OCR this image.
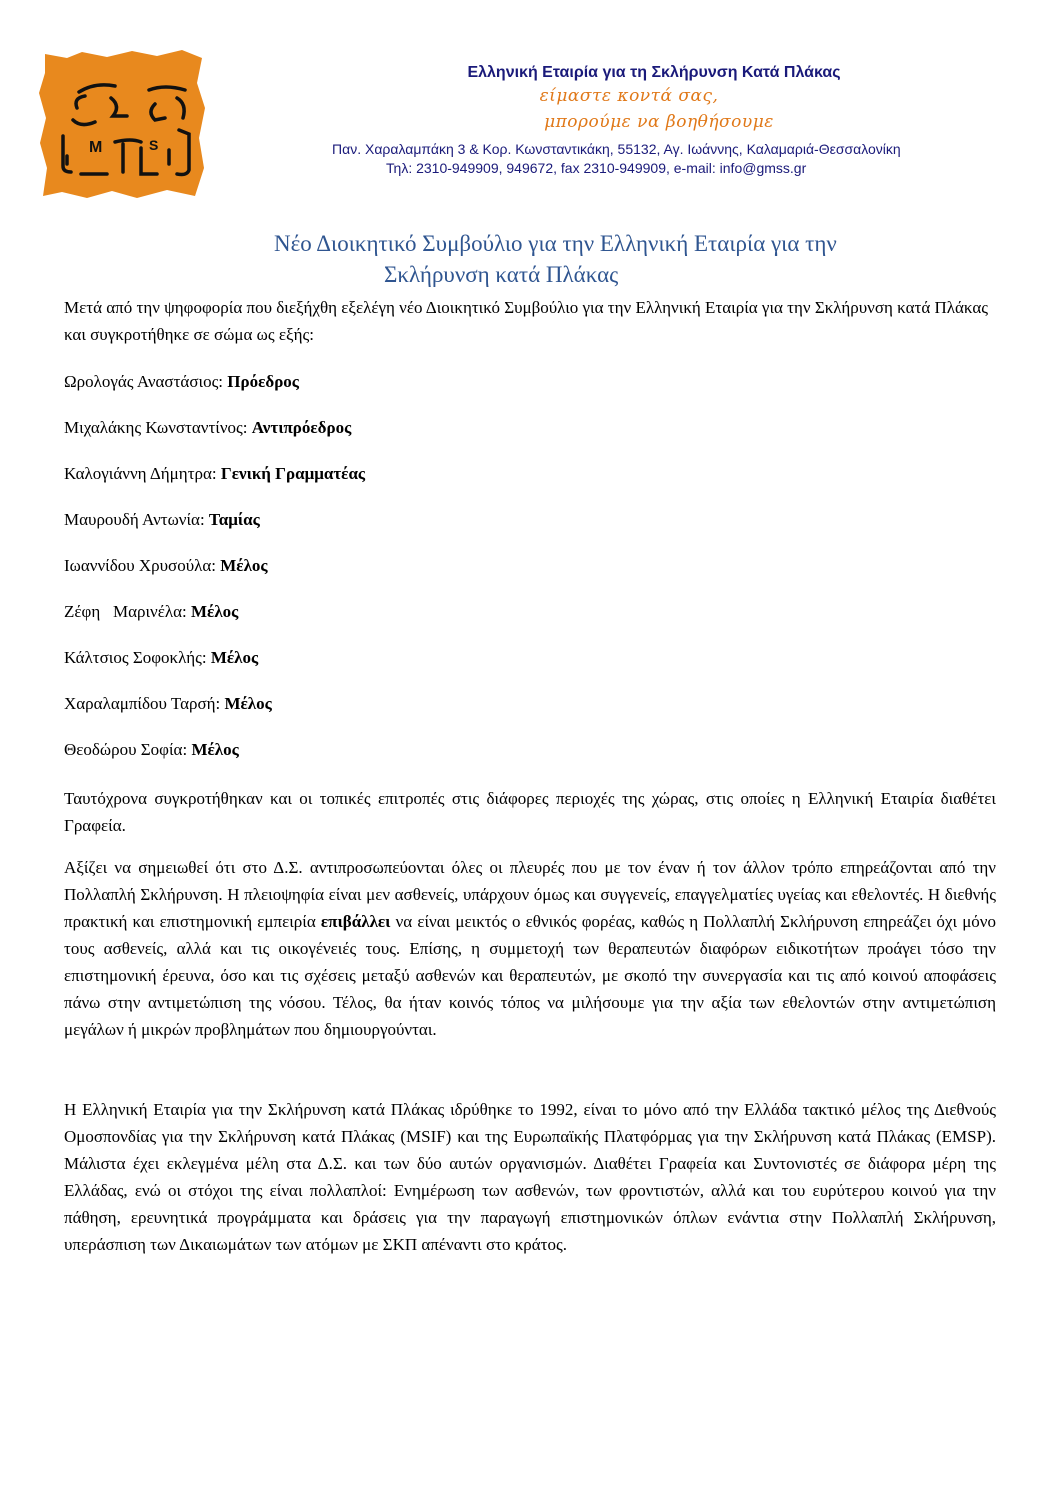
M	S
Ελληνική Εταιρία για τη Σκλήρυνση Κατά Πλάκας
είμαστε κοντά σας,
μπορούμε να βοηθήσουμε
Παν. Χαραλαμπάκη 3 & Κορ. Κωνσταντικάκη, 55132, Αγ. Ιωάννης, Καλαμαριά-Θεσσαλονίκη
Τηλ: 2310-949909, 949672, fax 2310-949909, e-mail: info@gmss.gr
Νέο Διοικητικό Συμβούλιο για την Ελληνική Εταιρία για την
Σκλήρυνση κατά Πλάκας
Μετά από την ψηφοφορία που διεξήχθη εξελέγη νέο Διοικητικό Συμβούλιο για την Ελληνική Εταιρία για την Σκλήρυνση κατά Πλάκας και συγκροτήθηκε σε σώμα ως εξής:
Ωρολογάς Αναστάσιος: Πρόεδρος
Μιχαλάκης Κωνσταντίνος: Αντιπρόεδρος
Καλογιάννη Δήμητρα: Γενική Γραμματέας
Μαυρουδή Αντωνία: Ταμίας
Ιωαννίδου Χρυσούλα: Μέλος
Ζέφη   Μαρινέλα: Μέλος
Κάλτσιος Σοφοκλής: Μέλος
Χαραλαμπίδου Ταρσή: Μέλος
Θεοδώρου Σοφία: Μέλος
Ταυτόχρονα συγκροτήθηκαν και οι τοπικές επιτροπές στις διάφορες περιοχές της χώρας, στις οποίες η Ελληνική Εταιρία διαθέτει Γραφεία.
Αξίζει να σημειωθεί ότι στο Δ.Σ. αντιπροσωπεύονται όλες οι πλευρές που με τον έναν ή τον άλλον τρόπο επηρεάζονται από την Πολλαπλή Σκλήρυνση. Η πλειοψηφία είναι μεν ασθενείς, υπάρχουν όμως και συγγενείς, επαγγελματίες υγείας και εθελοντές. Η διεθνής πρακτική και επιστημονική εμπειρία επιβάλλει να είναι μεικτός ο εθνικός φορέας, καθώς η Πολλαπλή Σκλήρυνση επηρεάζει όχι μόνο τους ασθενείς, αλλά και τις οικογένειές τους. Επίσης, η συμμετοχή των θεραπευτών διαφόρων ειδικοτήτων προάγει τόσο την επιστημονική έρευνα, όσο και τις σχέσεις μεταξύ ασθενών και θεραπευτών, με σκοπό την συνεργασία και τις από κοινού αποφάσεις πάνω στην αντιμετώπιση της νόσου. Τέλος, θα ήταν κοινός τόπος να μιλήσουμε για την αξία των εθελοντών στην αντιμετώπιση μεγάλων ή μικρών προβλημάτων που δημιουργούνται.
Η Ελληνική Εταιρία για την Σκλήρυνση κατά Πλάκας ιδρύθηκε το 1992, είναι το μόνο από την Ελλάδα τακτικό μέλος της Διεθνούς Ομοσπονδίας για την Σκλήρυνση κατά Πλάκας (MSIF) και της Ευρωπαϊκής Πλατφόρμας για την Σκλήρυνση κατά Πλάκας (EMSP). Μάλιστα έχει εκλεγμένα μέλη στα Δ.Σ. και των δύο αυτών οργανισμών. Διαθέτει Γραφεία και Συντονιστές σε διάφορα μέρη της Ελλάδας, ενώ οι στόχοι της είναι πολλαπλοί: Ενημέρωση των ασθενών, των φροντιστών, αλλά και του ευρύτερου κοινού για την πάθηση, ερευνητικά προγράμματα και δράσεις για την παραγωγή επιστημονικών όπλων ενάντια στην Πολλαπλή Σκλήρυνση, υπεράσπιση των Δικαιωμάτων των ατόμων με ΣΚΠ απέναντι στο κράτος.
